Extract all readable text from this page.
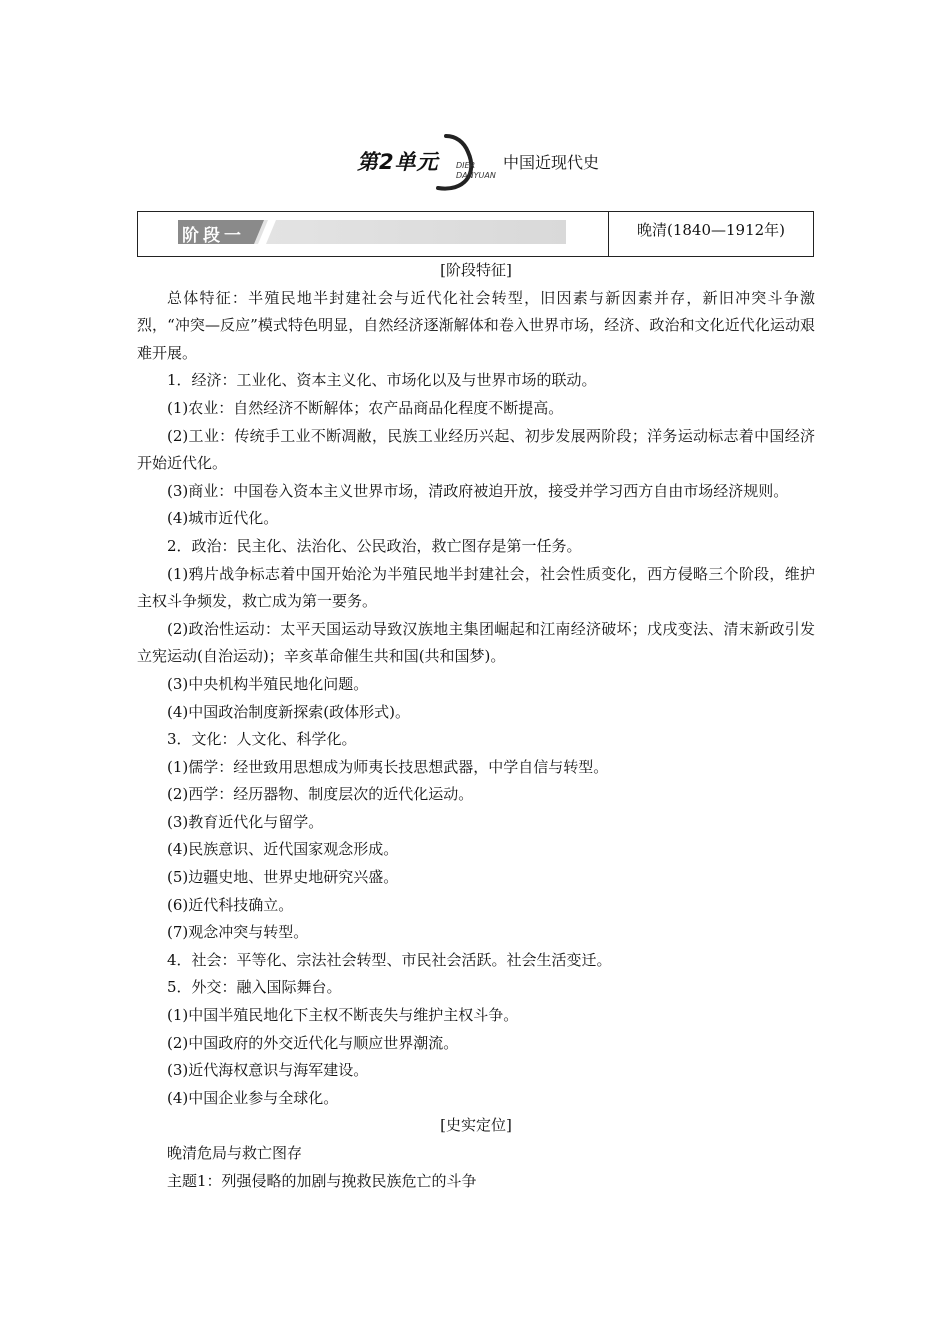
第2单元 DIER
DANYUAN
中国近现代史
阶段一	晚清(1840—1912年)

[阶段特征]

总体特征：半殖民地半封建社会与近代化社会转型，旧因素与新因素并存，新旧冲突斗争激烈，“冲突—反应”模式特色明显，自然经济逐渐解体和卷入世界市场，经济、政治和文化近代化运动艰难开展。

1．经济：工业化、资本主义化、市场化以及与世界市场的联动。

(1)农业：自然经济不断解体；农产品商品化程度不断提高。

(2)工业：传统手工业不断凋敝，民族工业经历兴起、初步发展两阶段；洋务运动标志着中国经济开始近代化。

(3)商业：中国卷入资本主义世界市场，清政府被迫开放，接受并学习西方自由市场经济规则。

(4)城市近代化。

2．政治：民主化、法治化、公民政治，救亡图存是第一任务。

(1)鸦片战争标志着中国开始沦为半殖民地半封建社会，社会性质变化，西方侵略三个阶段，维护主权斗争频发，救亡成为第一要务。

(2)政治性运动：太平天国运动导致汉族地主集团崛起和江南经济破坏；戊戌变法、清末新政引发立宪运动(自治运动)；辛亥革命催生共和国(共和国梦)。

(3)中央机构半殖民地化问题。

(4)中国政治制度新探索(政体形式)。

3．文化：人文化、科学化。

(1)儒学：经世致用思想成为师夷长技思想武器，中学自信与转型。

(2)西学：经历器物、制度层次的近代化运动。

(3)教育近代化与留学。

(4)民族意识、近代国家观念形成。

(5)边疆史地、世界史地研究兴盛。

(6)近代科技确立。

(7)观念冲突与转型。

4．社会：平等化、宗法社会转型、市民社会活跃。社会生活变迁。

5．外交：融入国际舞台。

(1)中国半殖民地化下主权不断丧失与维护主权斗争。

(2)中国政府的外交近代化与顺应世界潮流。

(3)近代海权意识与海军建设。

(4)中国企业参与全球化。

[史实定位]

晚清危局与救亡图存

主题1：列强侵略的加剧与挽救民族危亡的斗争
